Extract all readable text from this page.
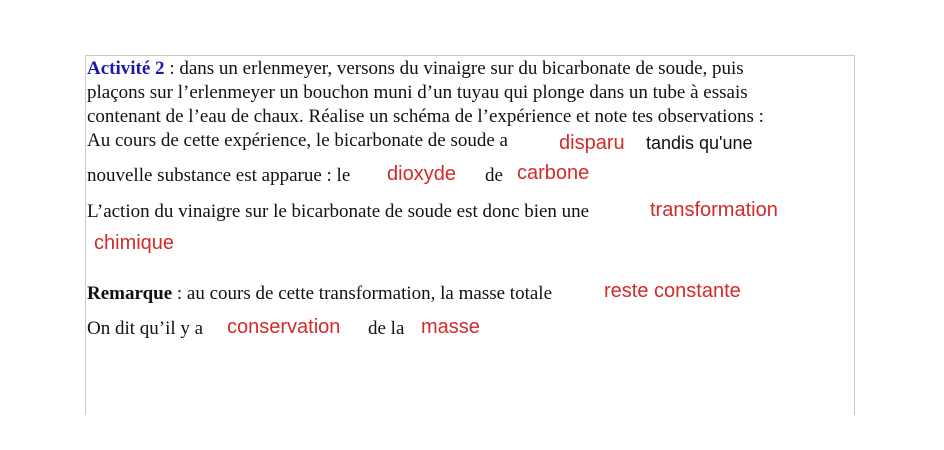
Activité 2 : dans un erlenmeyer, versons du vinaigre sur du bicarbonate de soude, puis
plaçons sur l’erlenmeyer un bouchon muni d’un tuyau qui plonge dans un tube à essais
contenant de l’eau de chaux. Réalise un schéma de l’expérience et note tes observations :
Au cours de cette expérience, le bicarbonate de soude a	disparu tandis qu'une
nouvelle substance est apparue : le dioxyde de carbone
L’action du vinaigre sur le bicarbonate de soude est donc bien une	transformation
chimique
Remarque : au cours de cette transformation, la masse totale	reste constante
On dit qu’il y a conservation de la masse
